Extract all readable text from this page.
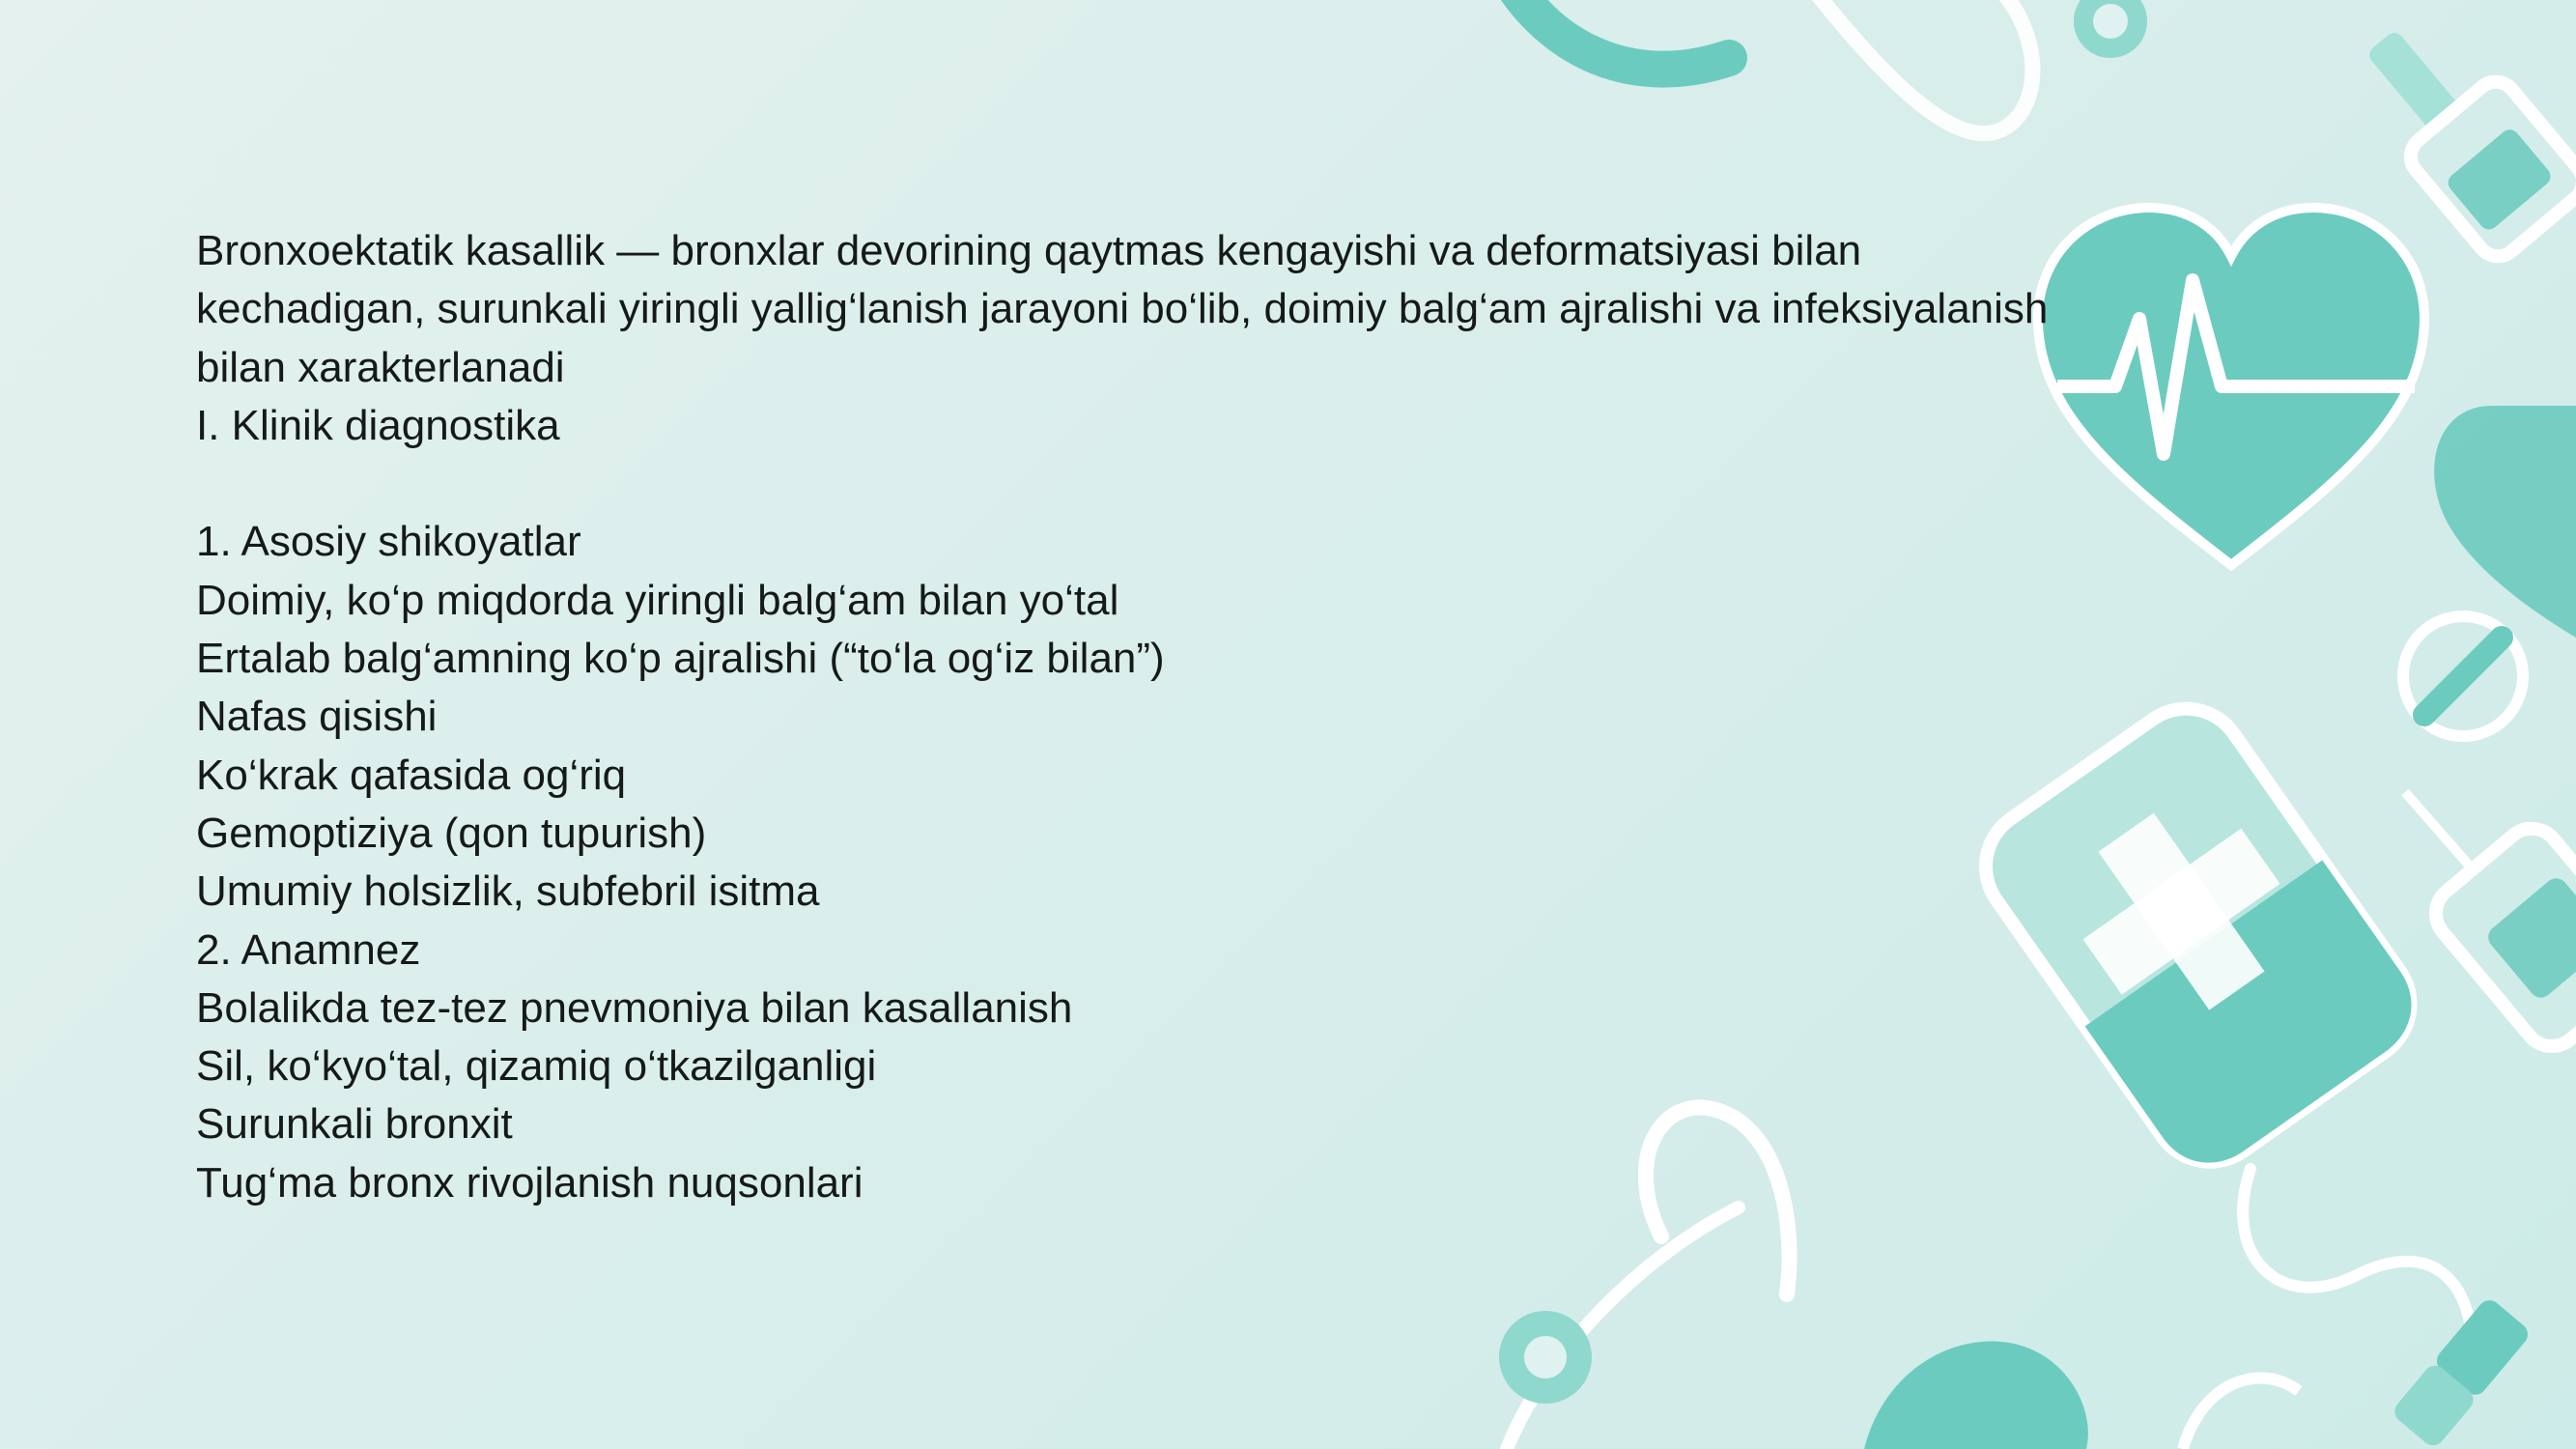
Bronxoektatik kasallik — bronxlar devorining qaytmas kengayishi va deformatsiyasi bilan kechadigan, surunkali yiringli yallig‘lanish jarayoni bo‘lib, doimiy balg‘am ajralishi va infeksiyalanish bilan xarakterlanadi
I. Klinik diagnostika
1. Asosiy shikoyatlar
Doimiy, ko‘p miqdorda yiringli balg‘am bilan yo‘tal
Ertalab balg‘amning ko‘p ajralishi (“to‘la og‘iz bilan”)
Nafas qisishi
Ko‘krak qafasida og‘riq
Gemoptiziya (qon tupurish)
Umumiy holsizlik, subfebril isitma
2. Anamnez
Bolalikda tez-tez pnevmoniya bilan kasallanish
Sil, ko‘kyo‘tal, qizamiq o‘tkazilganligi
Surunkali bronxit
Tug‘ma bronx rivojlanish nuqsonlari
